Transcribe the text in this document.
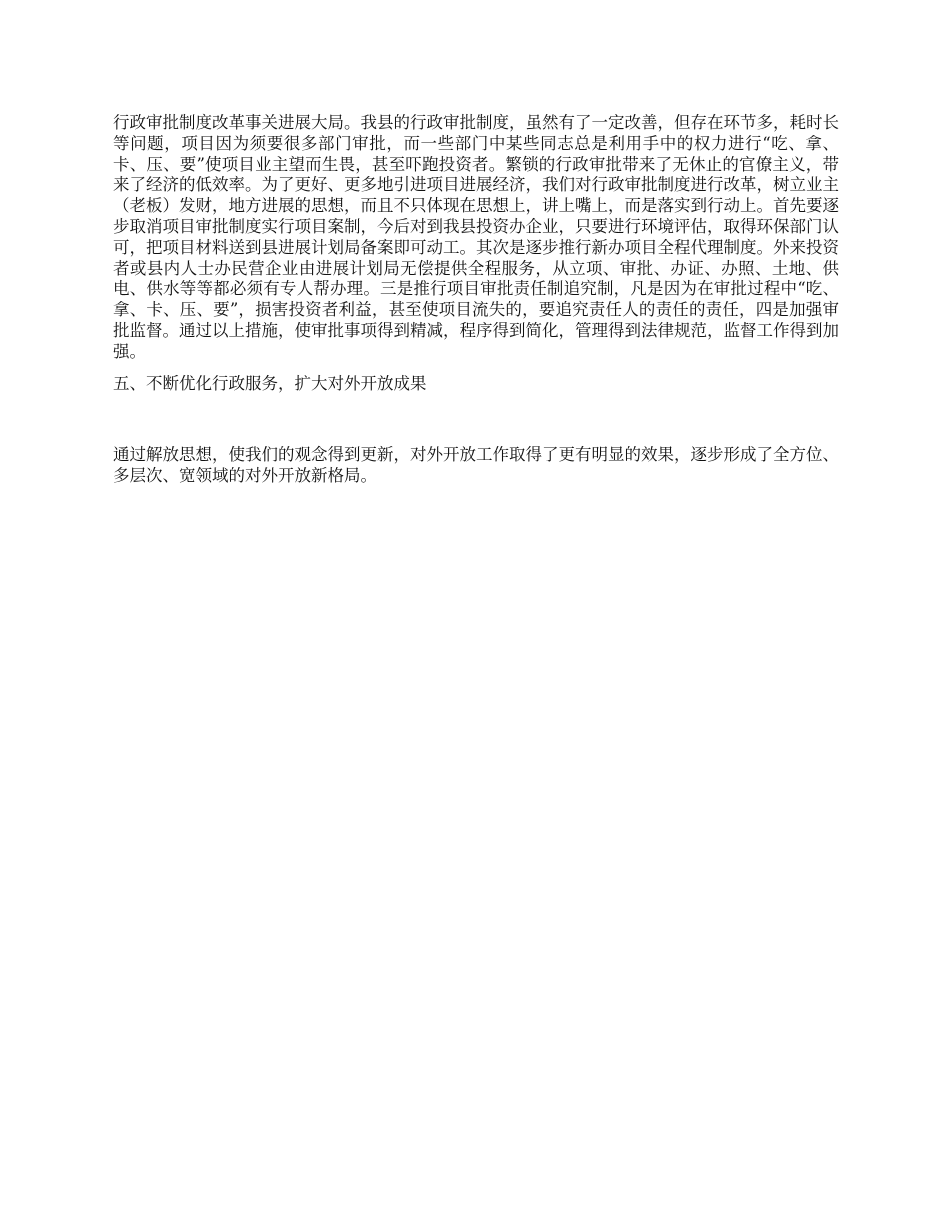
行政审批制度改革事关进展大局。我县的行政审批制度，虽然有了一定改善，但存在环节多，耗时长等问题，项目因为须要很多部门审批，而一些部门中某些同志总是利用手中的权力进行“吃、拿、卡、压、要”使项目业主望而生畏，甚至吓跑投资者。繁锁的行政审批带来了无休止的官僚主义，带来了经济的低效率。为了更好、更多地引进项目进展经济，我们对行政审批制度进行改革，树立业主（老板）发财，地方进展的思想，而且不只体现在思想上，讲上嘴上，而是落实到行动上。首先要逐步取消项目审批制度实行项目案制，今后对到我县投资办企业，只要进行环境评估，取得环保部门认可，把项目材料送到县进展计划局备案即可动工。其次是逐步推行新办项目全程代理制度。外来投资者或县内人士办民营企业由进展计划局无偿提供全程服务，从立项、审批、办证、办照、土地、供电、供水等等都必须有专人帮办理。三是推行项目审批责任制追究制，凡是因为在审批过程中“吃、拿、卡、压、要”，损害投资者利益，甚至使项目流失的，要追究责任人的责任的责任，四是加强审批监督。通过以上措施，使审批事项得到精减，程序得到简化，管理得到法律规范，监督工作得到加强。

五、不断优化行政服务，扩大对外开放成果

通过解放思想，使我们的观念得到更新，对外开放工作取得了更有明显的效果，逐步形成了全方位、多层次、宽领域的对外开放新格局。
